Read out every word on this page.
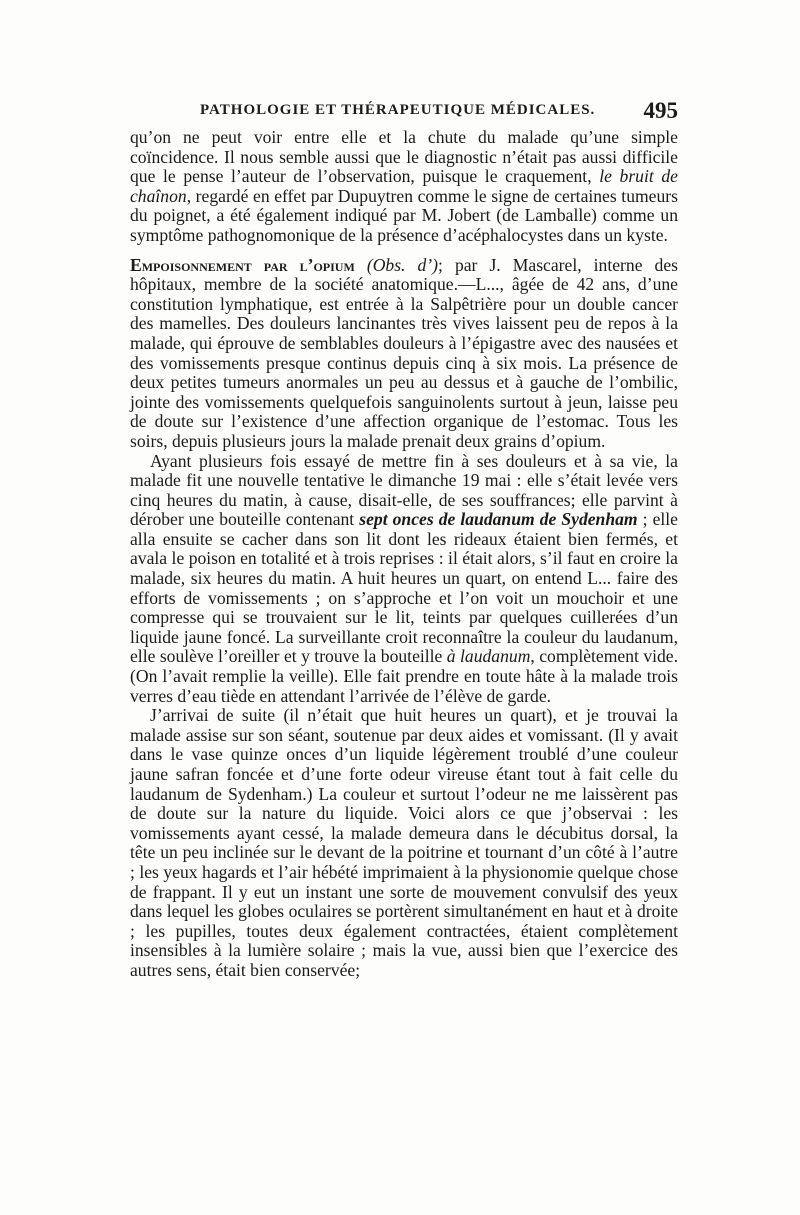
PATHOLOGIE ET THÉRAPEUTIQUE MÉDICALES. 495

qu’on ne peut voir entre elle et la chute du malade qu’une simple coïncidence. Il nous semble aussi que le diagnostic n’était pas aussi difficile que le pense l’auteur de l’observation, puisque le craquement, le bruit de chaînon, regardé en effet par Dupuytren comme le signe de certaines tumeurs du poignet, a été également indiqué par M. Jobert (de Lamballe) comme un symptôme pathognomonique de la présence d’acéphalocystes dans un kyste.

Empoisonnement par l’opium (Obs. d’); par J. Mascarel, interne des hôpitaux, membre de la société anatomique.—L..., âgée de 42 ans, d’une constitution lymphatique, est entrée à la Salpêtrière pour un double cancer des mamelles. Des douleurs lancinantes très vives laissent peu de repos à la malade, qui éprouve de semblables douleurs à l’épigastre avec des nausées et des vomissements presque continus depuis cinq à six mois. La présence de deux petites tumeurs anormales un peu au dessus et à gauche de l’ombilic, jointe des vomissements quelquefois sanguinolents surtout à jeun, laisse peu de doute sur l’existence d’une affection organique de l’estomac. Tous les soirs, depuis plusieurs jours la malade prenait deux grains d’opium.

Ayant plusieurs fois essayé de mettre fin à ses douleurs et à sa vie, la malade fit une nouvelle tentative le dimanche 19 mai : elle s’était levée vers cinq heures du matin, à cause, disait-elle, de ses souffrances; elle parvint à dérober une bouteille contenant sept onces de laudanum de Sydenham ; elle alla ensuite se cacher dans son lit dont les rideaux étaient bien fermés, et avala le poison en totalité et à trois reprises : il était alors, s’il faut en croire la malade, six heures du matin. A huit heures un quart, on entend L... faire des efforts de vomissements ; on s’approche et l’on voit un mouchoir et une compresse qui se trouvaient sur le lit, teints par quelques cuillerées d’un liquide jaune foncé. La surveillante croit reconnaître la couleur du laudanum, elle soulève l’oreiller et y trouve la bouteille à laudanum, complètement vide. (On l’avait remplie la veille). Elle fait prendre en toute hâte à la malade trois verres d’eau tiède en attendant l’arrivée de l’élève de garde.

J’arrivai de suite (il n’était que huit heures un quart), et je trouvai la malade assise sur son séant, soutenue par deux aides et vomissant. (Il y avait dans le vase quinze onces d’un liquide légèrement troublé d’une couleur jaune safran foncée et d’une forte odeur vireuse étant tout à fait celle du laudanum de Sydenham.) La couleur et surtout l’odeur ne me laissèrent pas de doute sur la nature du liquide. Voici alors ce que j’observai : les vomissements ayant cessé, la malade demeura dans le décubitus dorsal, la tête un peu inclinée sur le devant de la poitrine et tournant d’un côté à l’autre ; les yeux hagards et l’air hébété imprimaient à la physionomie quelque chose de frappant. Il y eut un instant une sorte de mouvement convulsif des yeux dans lequel les globes oculaires se portèrent simultanément en haut et à droite ; les pupilles, toutes deux également contractées, étaient complètement insensibles à la lumière solaire ; mais la vue, aussi bien que l’exercice des autres sens, était bien conservée;
